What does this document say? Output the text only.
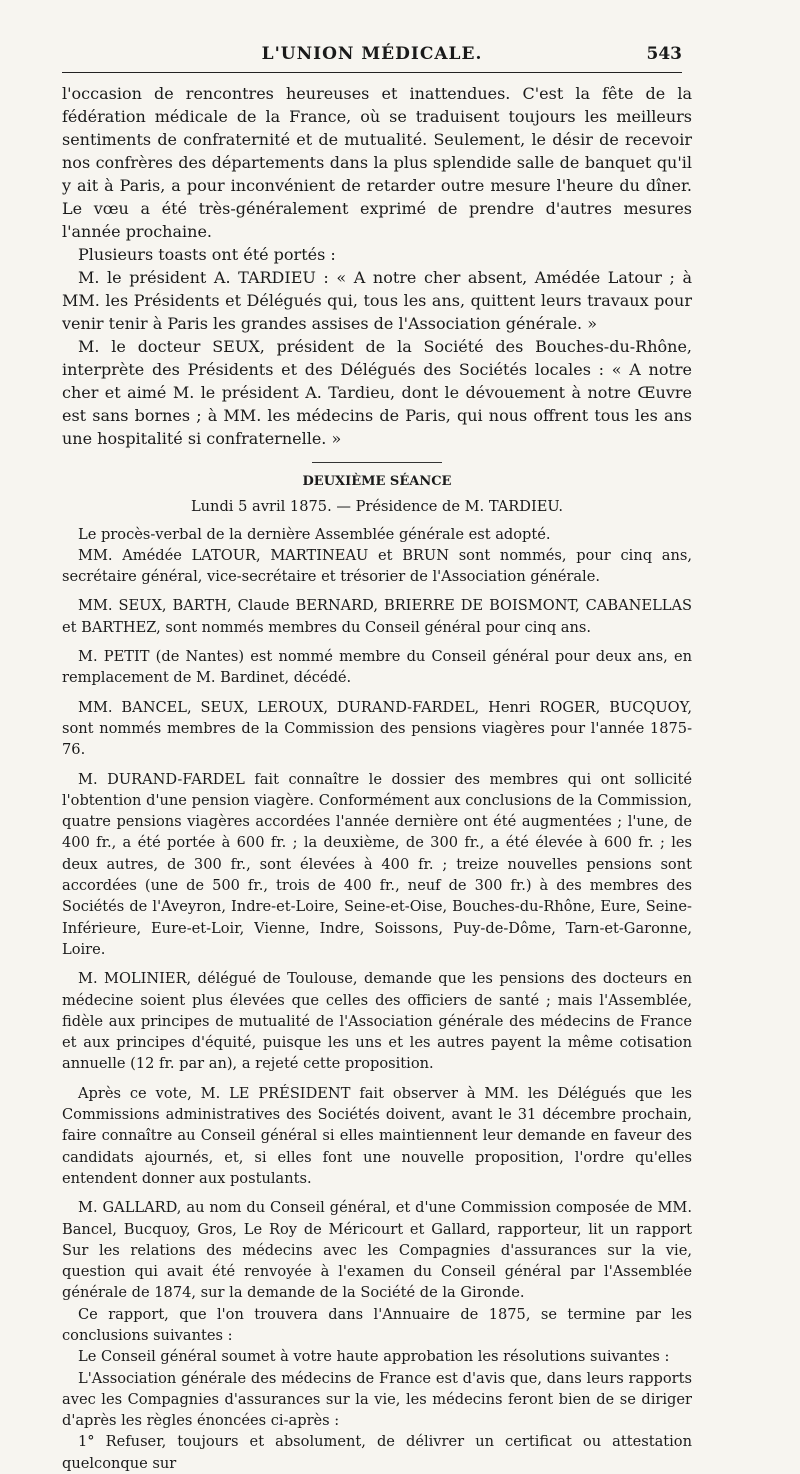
L'UNION MÉDICALE.	543

l'occasion de rencontres heureuses et inattendues. C'est la fête de la fédération médicale de la France, où se traduisent toujours les meilleurs sentiments de confraternité et de mutualité. Seulement, le désir de recevoir nos confrères des départements dans la plus splendide salle de banquet qu'il y ait à Paris, a pour inconvénient de retarder outre mesure l'heure du dîner. Le vœu a été très-généralement exprimé de prendre d'autres mesures l'année prochaine.

Plusieurs toasts ont été portés :

M. le président A. TARDIEU : « A notre cher absent, Amédée Latour ; à MM. les Présidents et Délégués qui, tous les ans, quittent leurs travaux pour venir tenir à Paris les grandes assises de l'Association générale. »

M. le docteur SEUX, président de la Société des Bouches-du-Rhône, interprète des Présidents et des Délégués des Sociétés locales : « A notre cher et aimé M. le président A. Tardieu, dont le dévouement à notre Œuvre est sans bornes ; à MM. les médecins de Paris, qui nous offrent tous les ans une hospitalité si confraternelle. »

DEUXIÈME SÉANCE

Lundi 5 avril 1875. — Présidence de M. TARDIEU.

Le procès-verbal de la dernière Assemblée générale est adopté.

MM. Amédée LATOUR, MARTINEAU et BRUN sont nommés, pour cinq ans, secrétaire général, vice-secrétaire et trésorier de l'Association générale.

MM. SEUX, BARTH, Claude BERNARD, BRIERRE DE BOISMONT, CABANELLAS et BARTHEZ, sont nommés membres du Conseil général pour cinq ans.

M. PETIT (de Nantes) est nommé membre du Conseil général pour deux ans, en remplacement de M. Bardinet, décédé.

MM. BANCEL, SEUX, LEROUX, DURAND-FARDEL, Henri ROGER, BUCQUOY, sont nommés membres de la Commission des pensions viagères pour l'année 1875-76.

M. DURAND-FARDEL fait connaître le dossier des membres qui ont sollicité l'obtention d'une pension viagère. Conformément aux conclusions de la Commission, quatre pensions viagères accordées l'année dernière ont été augmentées ; l'une, de 400 fr., a été portée à 600 fr. ; la deuxième, de 300 fr., a été élevée à 600 fr. ; les deux autres, de 300 fr., sont élevées à 400 fr. ; treize nouvelles pensions sont accordées (une de 500 fr., trois de 400 fr., neuf de 300 fr.) à des membres des Sociétés de l'Aveyron, Indre-et-Loire, Seine-et-Oise, Bouches-du-Rhône, Eure, Seine-Inférieure, Eure-et-Loir, Vienne, Indre, Soissons, Puy-de-Dôme, Tarn-et-Garonne, Loire.

M. MOLINIER, délégué de Toulouse, demande que les pensions des docteurs en médecine soient plus élevées que celles des officiers de santé ; mais l'Assemblée, fidèle aux principes de mutualité de l'Association générale des médecins de France et aux principes d'équité, puisque les uns et les autres payent la même cotisation annuelle (12 fr. par an), a rejeté cette proposition.

Après ce vote, M. LE PRÉSIDENT fait observer à MM. les Délégués que les Commissions administratives des Sociétés doivent, avant le 31 décembre prochain, faire connaître au Conseil général si elles maintiennent leur demande en faveur des candidats ajournés, et, si elles font une nouvelle proposition, l'ordre qu'elles entendent donner aux postulants.

M. GALLARD, au nom du Conseil général, et d'une Commission composée de MM. Bancel, Bucquoy, Gros, Le Roy de Méricourt et Gallard, rapporteur, lit un rapport Sur les relations des médecins avec les Compagnies d'assurances sur la vie, question qui avait été renvoyée à l'examen du Conseil général par l'Assemblée générale de 1874, sur la demande de la Société de la Gironde.

Ce rapport, que l'on trouvera dans l'Annuaire de 1875, se termine par les conclusions suivantes :

Le Conseil général soumet à votre haute approbation les résolutions suivantes :

L'Association générale des médecins de France est d'avis que, dans leurs rapports avec les Compagnies d'assurances sur la vie, les médecins feront bien de se diriger d'après les règles énoncées ci-après :

1° Refuser, toujours et absolument, de délivrer un certificat ou attestation quelconque sur
